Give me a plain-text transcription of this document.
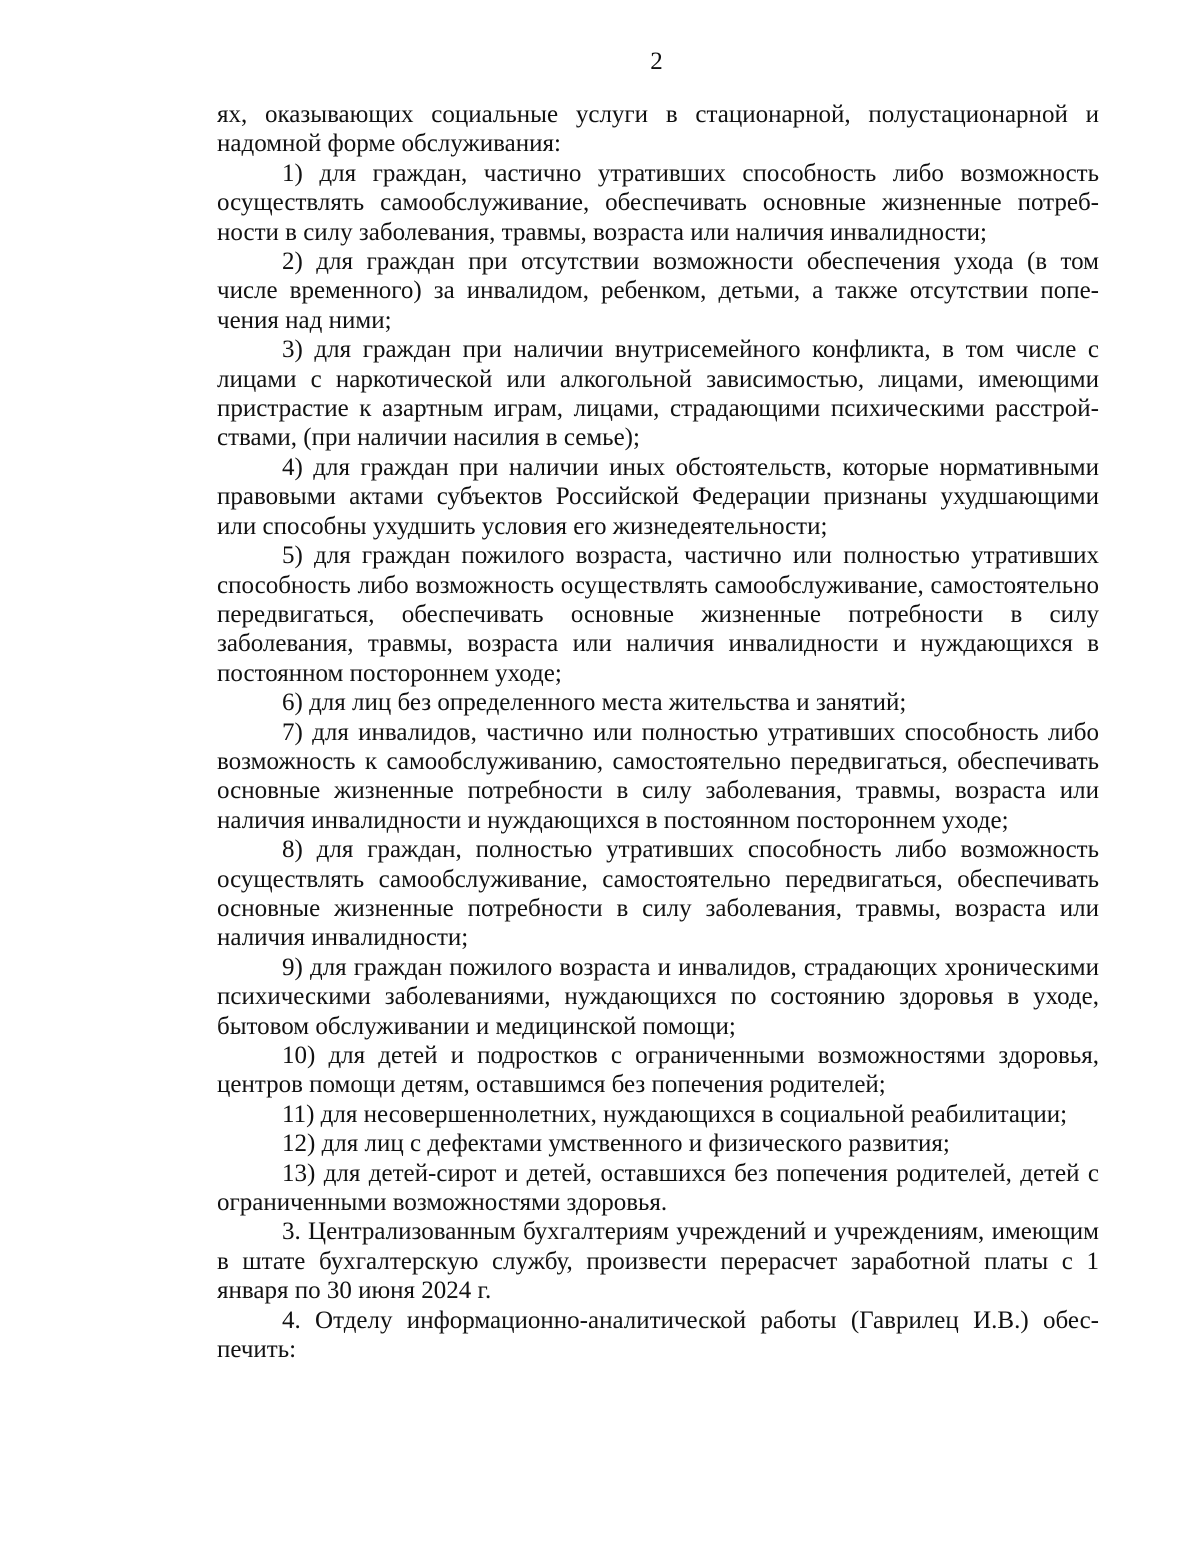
2

ях, оказывающих социальные услуги в стационарной, полустационарной и надомной форме обслуживания:

1) для граждан, частично утративших способность либо возможность осуществлять самообслуживание, обеспечивать основные жизненные потребности в силу заболевания, травмы, возраста или наличия инвалидности;

2) для граждан при отсутствии возможности обеспечения ухода (в том числе временного) за инвалидом, ребенком, детьми, а также отсутствии попечения над ними;

3) для граждан при наличии внутрисемейного конфликта, в том числе с лицами с наркотической или алкогольной зависимостью, лицами, имеющими пристрастие к азартным играм, лицами, страдающими психическими расстройствами, (при наличии насилия в семье);

4) для граждан при наличии иных обстоятельств, которые нормативными правовыми актами субъектов Российской Федерации признаны ухудшающими или способны ухудшить условия его жизнедеятельности;

5) для граждан пожилого возраста, частично или полностью утративших способность либо возможность осуществлять самообслуживание, самостоятельно передвигаться, обеспечивать основные жизненные потребности в силу заболевания, травмы, возраста или наличия инвалидности и нуждающихся в постоянном постороннем уходе;

6) для лиц без определенного места жительства и занятий;

7) для инвалидов, частично или полностью утративших способность либо возможность к самообслуживанию, самостоятельно передвигаться, обеспечивать основные жизненные потребности в силу заболевания, травмы, возраста или наличия инвалидности и нуждающихся в постоянном постороннем уходе;

8) для граждан, полностью утративших способность либо возможность осуществлять самообслуживание, самостоятельно передвигаться, обеспечивать основные жизненные потребности в силу заболевания, травмы, возраста или наличия инвалидности;

9) для граждан пожилого возраста и инвалидов, страдающих хроническими психическими заболеваниями, нуждающихся по состоянию здоровья в уходе, бытовом обслуживании и медицинской помощи;

10) для детей и подростков с ограниченными возможностями здоровья, центров помощи детям, оставшимся без попечения родителей;

11) для несовершеннолетних, нуждающихся в социальной реабилитации;

12) для лиц с дефектами умственного и физического развития;

13) для детей-сирот и детей, оставшихся без попечения родителей, детей с ограниченными возможностями здоровья.

3. Централизованным бухгалтериям учреждений и учреждениям, имеющим в штате бухгалтерскую службу, произвести перерасчет заработной платы с 1 января по 30 июня 2024 г.

4. Отделу информационно-аналитической работы (Гаврилец И.В.) обеспечить:
